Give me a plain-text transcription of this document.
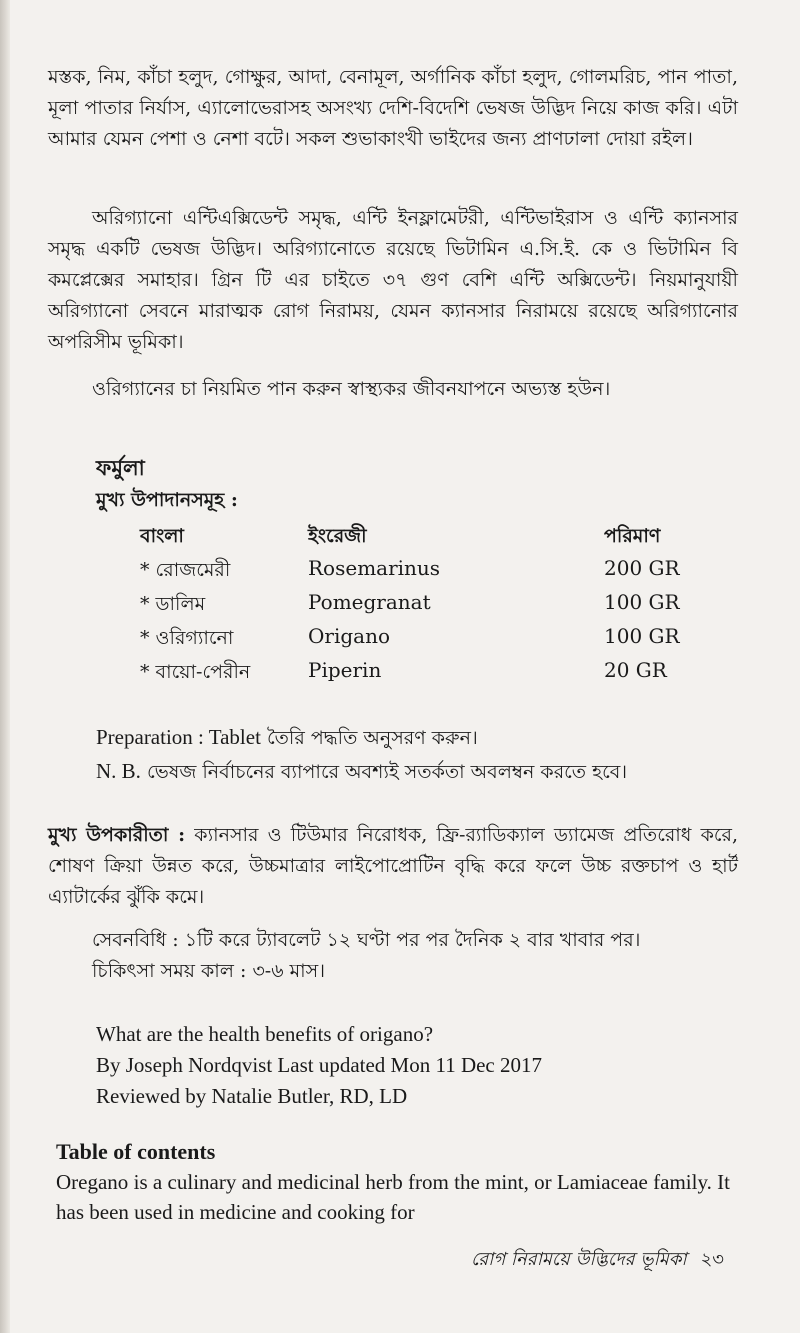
মস্তক, নিম, কাঁচা হলুদ, গোক্ষুর, আদা, বেনামূল, অর্গানিক কাঁচা হলুদ, গোলমরিচ, পান পাতা, মূলা পাতার নির্যাস, এ্যালোভেরাসহ অসংখ্য দেশি-বিদেশি ভেষজ উদ্ভিদ নিয়ে কাজ করি। এটা আমার যেমন পেশা ও নেশা বটে। সকল শুভাকাংখী ভাইদের জন্য প্রাণঢালা দোয়া রইল।

অরিগ্যানো এন্টিএক্সিডেন্ট সমৃদ্ধ, এন্টি ইনফ্লামেটরী, এন্টিভাইরাস ও এন্টি ক্যানসার সমৃদ্ধ একটি ভেষজ উদ্ভিদ। অরিগ্যানোতে রয়েছে ভিটামিন এ.সি.ই. কে ও ভিটামিন বি কমপ্লেক্সের সমাহার। গ্রিন টি এর চাইতে ৩৭ গুণ বেশি এন্টি অক্সিডেন্ট। নিয়মানুযায়ী অরিগ্যানো সেবনে মারাত্মক রোগ নিরাময়, যেমন ক্যানসার নিরাময়ে রয়েছে অরিগ্যানোর অপরিসীম ভূমিকা।

ওরিগ্যানের চা নিয়মিত পান করুন স্বাস্থ্যকর জীবনযাপনে অভ্যস্ত হউন।

ফর্মুলা
মুখ্য উপাদানসমূহ :
বাংলা	ইংরেজী	পরিমাণ
* রোজমেরী	Rosemarinus	200 GR
* ডালিম	Pomegranat	100 GR
* ওরিগ্যানো	Origano	100 GR
* বায়ো-পেরীন	Piperin	20 GR
Preparation : Tablet তৈরি পদ্ধতি অনুসরণ করুন।
N. B. ভেষজ নির্বাচনের ব্যাপারে অবশ্যই সতর্কতা অবলম্বন করতে হবে।

মুখ্য উপকারীতা : ক্যানসার ও টিউমার নিরোধক, ফ্রি-র‍্যাডিক্যাল ড্যামেজ প্রতিরোধ করে, শোষণ ক্রিয়া উন্নত করে, উচ্চমাত্রার লাইপোপ্রোটিন বৃদ্ধি করে ফলে উচ্চ রক্তচাপ ও হার্ট এ্যাটার্কের ঝুঁকি কমে।

সেবনবিধি : ১টি করে ট্যাবলেট ১২ ঘণ্টা পর পর দৈনিক ২ বার খাবার পর।

চিকিৎসা সময় কাল : ৩-৬ মাস।

What are the health benefits of origano?
By Joseph Nordqvist Last updated Mon 11 Dec 2017
Reviewed by Natalie Butler, RD, LD
Table of contents

Oregano is a culinary and medicinal herb from the mint, or Lamiaceae family. It has been used in medicine and cooking for

রোগ নিরাময়ে উদ্ভিদের ভূমিকা ২৩
